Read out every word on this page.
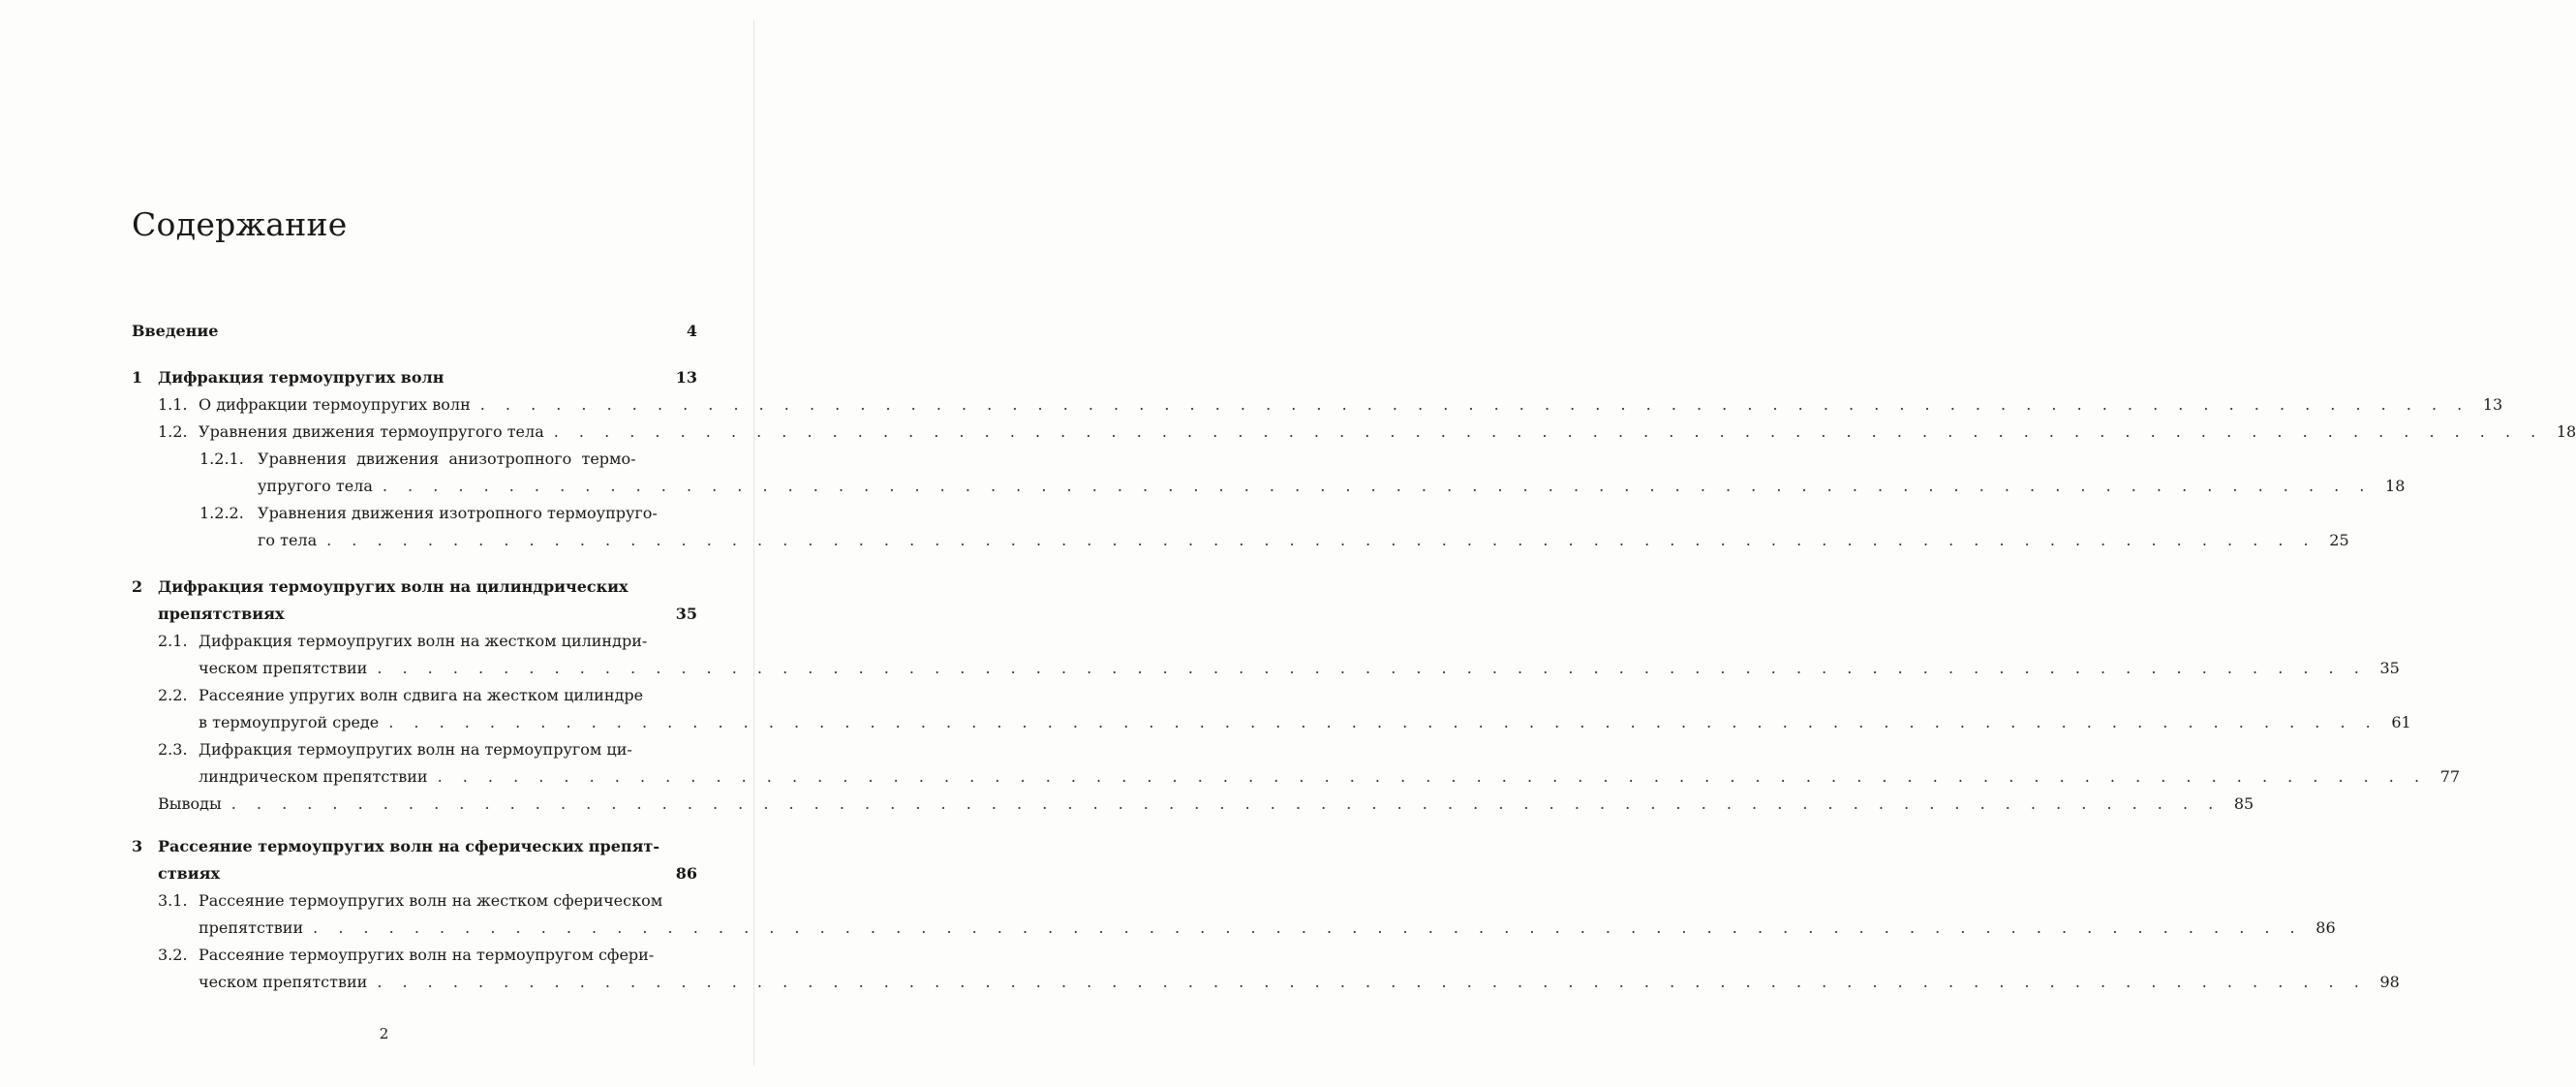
Содержание
Введение	4
1 Дифракция термоупругих волн	13
1.1. О дифракции термоупругих волн . . .	13
1.2. Уравнения движения термоупругого тела . . .	18
1.2.1. Уравнения  движения  анизотропного  термо-
упругого тела . . .	18
1.2.2. Уравнения движения изотропного термоупруго-
го тела . . .	25
2 Дифракция термоупругих волн на цилиндрических
препятствиях	35
2.1. Дифракция термоупругих волн на жестком цилиндри-
ческом препятствии . . .	35
2.2. Рассеяние упругих волн сдвига на жестком цилиндре
в термоупругой среде . . .	61
2.3. Дифракция термоупругих волн на термоупругом ци-
линдрическом препятствии . . .	77
Выводы . . .	85
3 Рассеяние термоупругих волн на сферических препят-
ствиях	86
3.1. Рассеяние термоупругих волн на жестком сферическом
препятствии . . .	86
3.2. Рассеяние термоупругих волн на термоупругом сфери-
ческом препятствии . . .	98
2
